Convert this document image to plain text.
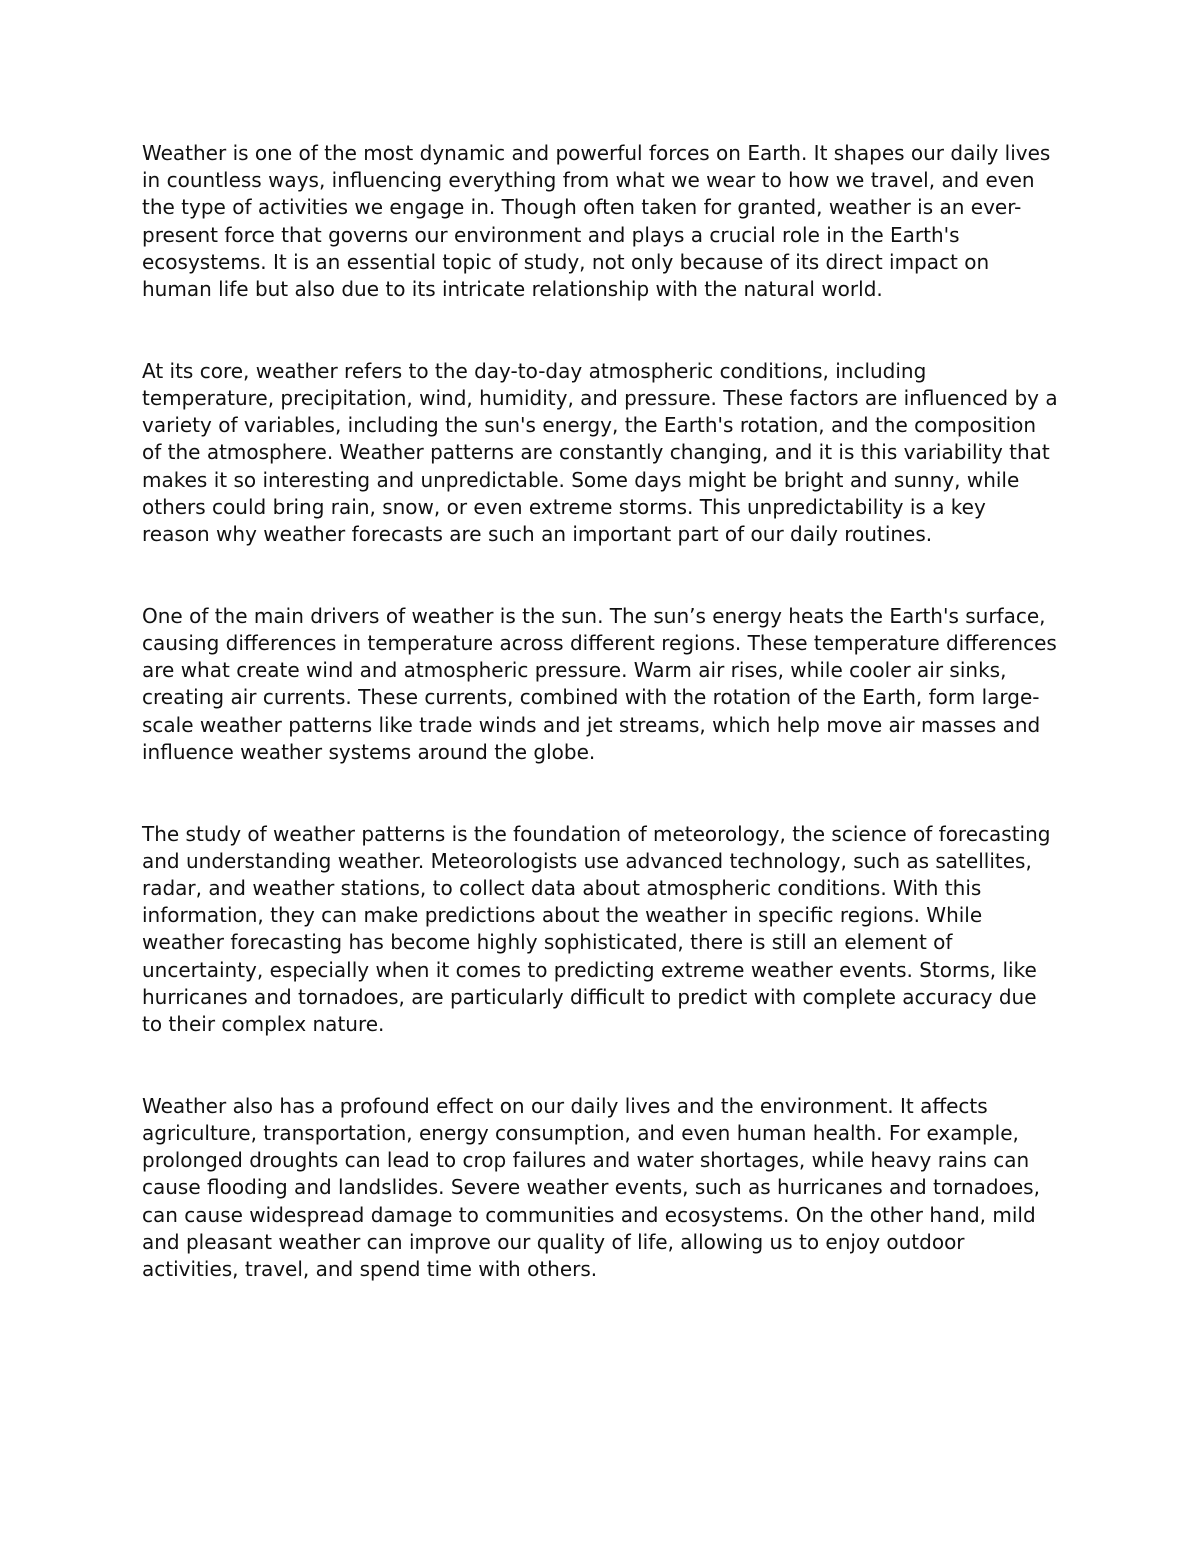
Weather is one of the most dynamic and powerful forces on Earth. It shapes our daily lives in countless ways, influencing everything from what we wear to how we travel, and even the type of activities we engage in. Though often taken for granted, weather is an ever-present force that governs our environment and plays a crucial role in the Earth's ecosystems. It is an essential topic of study, not only because of its direct impact on human life but also due to its intricate relationship with the natural world.

At its core, weather refers to the day-to-day atmospheric conditions, including temperature, precipitation, wind, humidity, and pressure. These factors are influenced by a variety of variables, including the sun's energy, the Earth's rotation, and the composition of the atmosphere. Weather patterns are constantly changing, and it is this variability that makes it so interesting and unpredictable. Some days might be bright and sunny, while others could bring rain, snow, or even extreme storms. This unpredictability is a key reason why weather forecasts are such an important part of our daily routines.

One of the main drivers of weather is the sun. The sun’s energy heats the Earth's surface, causing differences in temperature across different regions. These temperature differences are what create wind and atmospheric pressure. Warm air rises, while cooler air sinks, creating air currents. These currents, combined with the rotation of the Earth, form large-scale weather patterns like trade winds and jet streams, which help move air masses and influence weather systems around the globe.

The study of weather patterns is the foundation of meteorology, the science of forecasting and understanding weather. Meteorologists use advanced technology, such as satellites, radar, and weather stations, to collect data about atmospheric conditions. With this information, they can make predictions about the weather in specific regions. While weather forecasting has become highly sophisticated, there is still an element of uncertainty, especially when it comes to predicting extreme weather events. Storms, like hurricanes and tornadoes, are particularly difficult to predict with complete accuracy due to their complex nature.

Weather also has a profound effect on our daily lives and the environment. It affects agriculture, transportation, energy consumption, and even human health. For example, prolonged droughts can lead to crop failures and water shortages, while heavy rains can cause flooding and landslides. Severe weather events, such as hurricanes and tornadoes, can cause widespread damage to communities and ecosystems. On the other hand, mild and pleasant weather can improve our quality of life, allowing us to enjoy outdoor activities, travel, and spend time with others.
